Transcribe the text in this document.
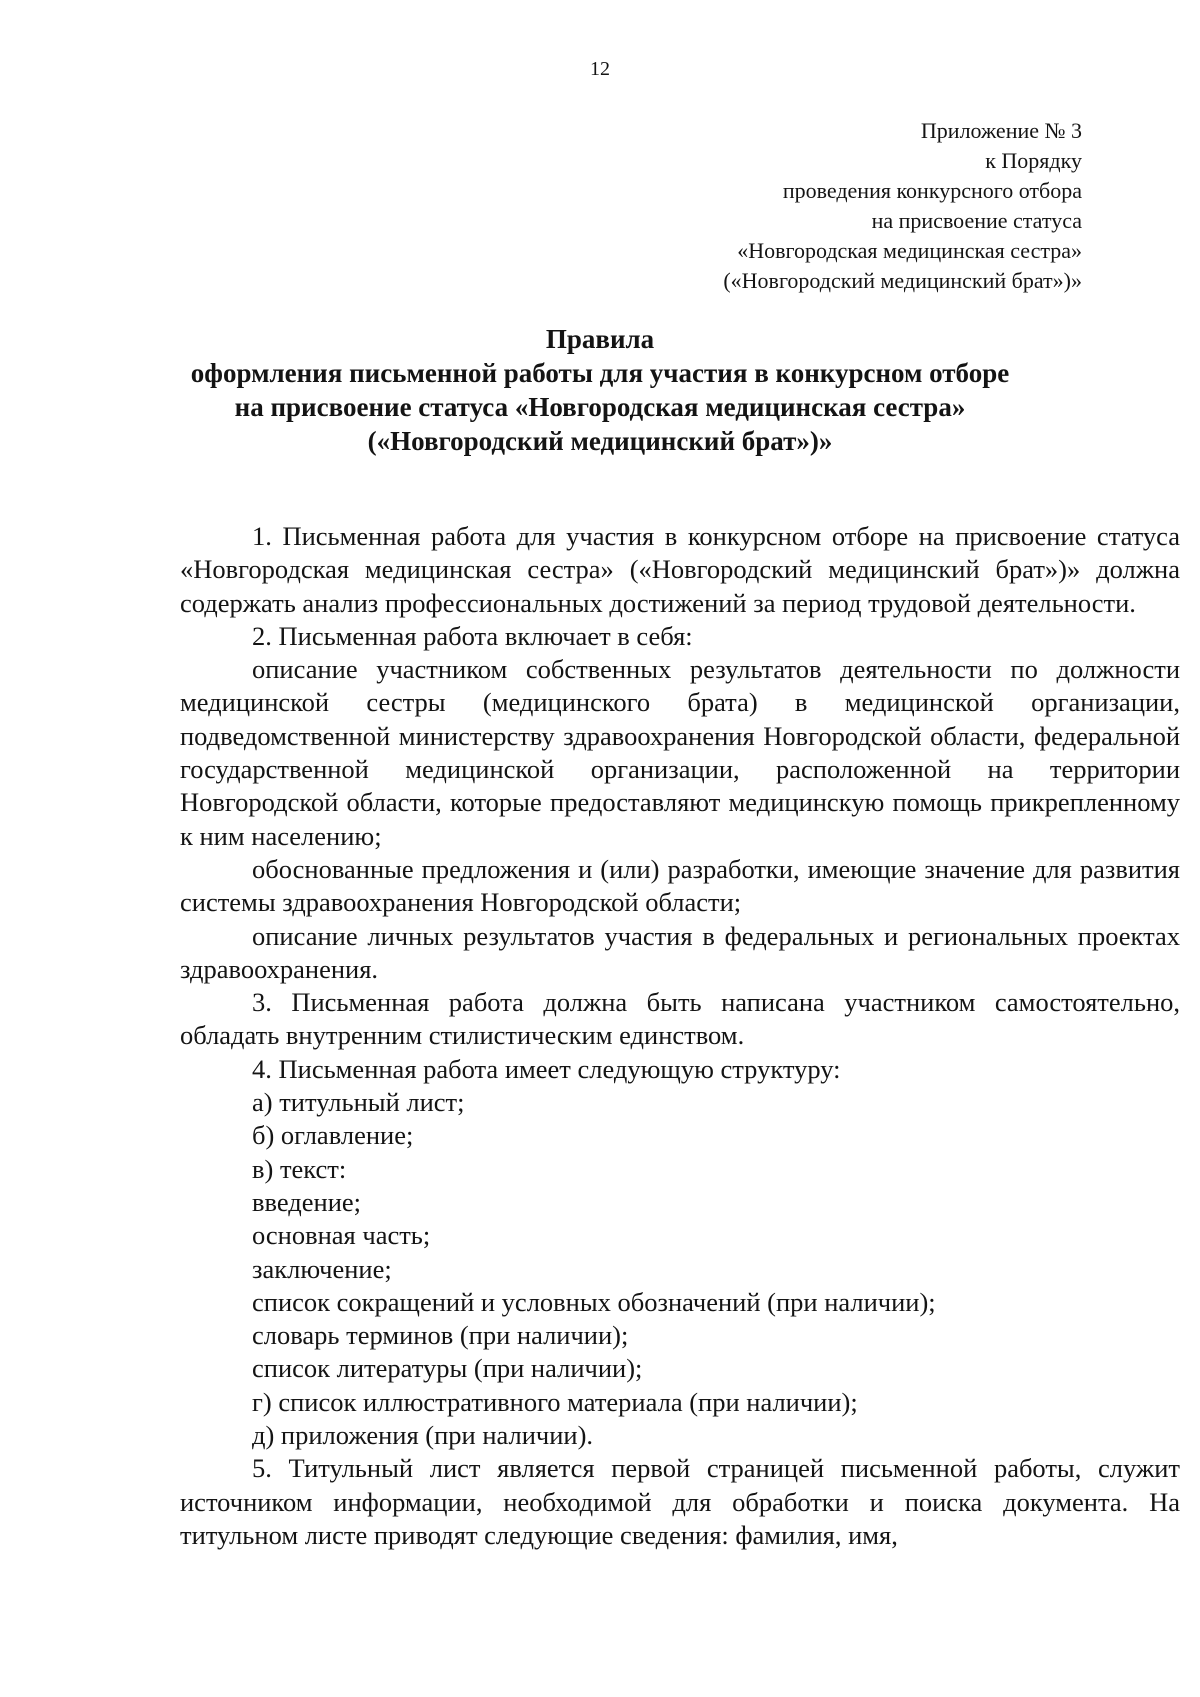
12
Приложение № 3
к Порядку
проведения конкурсного отбора
на присвоение статуса
«Новгородская медицинская сестра»
(«Новгородский медицинский брат»)»
Правила
оформления письменной работы для участия в конкурсном отборе
на присвоение статуса «Новгородская медицинская сестра»
(«Новгородский медицинский брат»)»

1. Письменная работа для участия в конкурсном отборе на присвоение статуса «Новгородская медицинская сестра» («Новгородский медицинский брат»)» должна содержать анализ профессиональных достижений за период трудовой деятельности.

2. Письменная работа включает в себя:

описание участником собственных результатов деятельности по должности медицинской сестры (медицинского брата) в медицинской организации, подведомственной министерству здравоохранения Новгородской области, федеральной государственной медицинской организации, расположенной на территории Новгородской области, которые предоставляют медицинскую помощь прикрепленному к ним населению;

обоснованные предложения и (или) разработки, имеющие значение для развития системы здравоохранения Новгородской области;

описание личных результатов участия в федеральных и региональных проектах здравоохранения.

3. Письменная работа должна быть написана участником самостоятельно, обладать внутренним стилистическим единством.

4. Письменная работа имеет следующую структуру:

а) титульный лист;

б) оглавление;

в) текст:

введение;

основная часть;

заключение;

список сокращений и условных обозначений (при наличии);

словарь терминов (при наличии);

список литературы (при наличии);

г) список иллюстративного материала (при наличии);

д) приложения (при наличии).

5. Титульный лист является первой страницей письменной работы, служит источником информации, необходимой для обработки и поиска документа. На титульном листе приводят следующие сведения: фамилия, имя,
